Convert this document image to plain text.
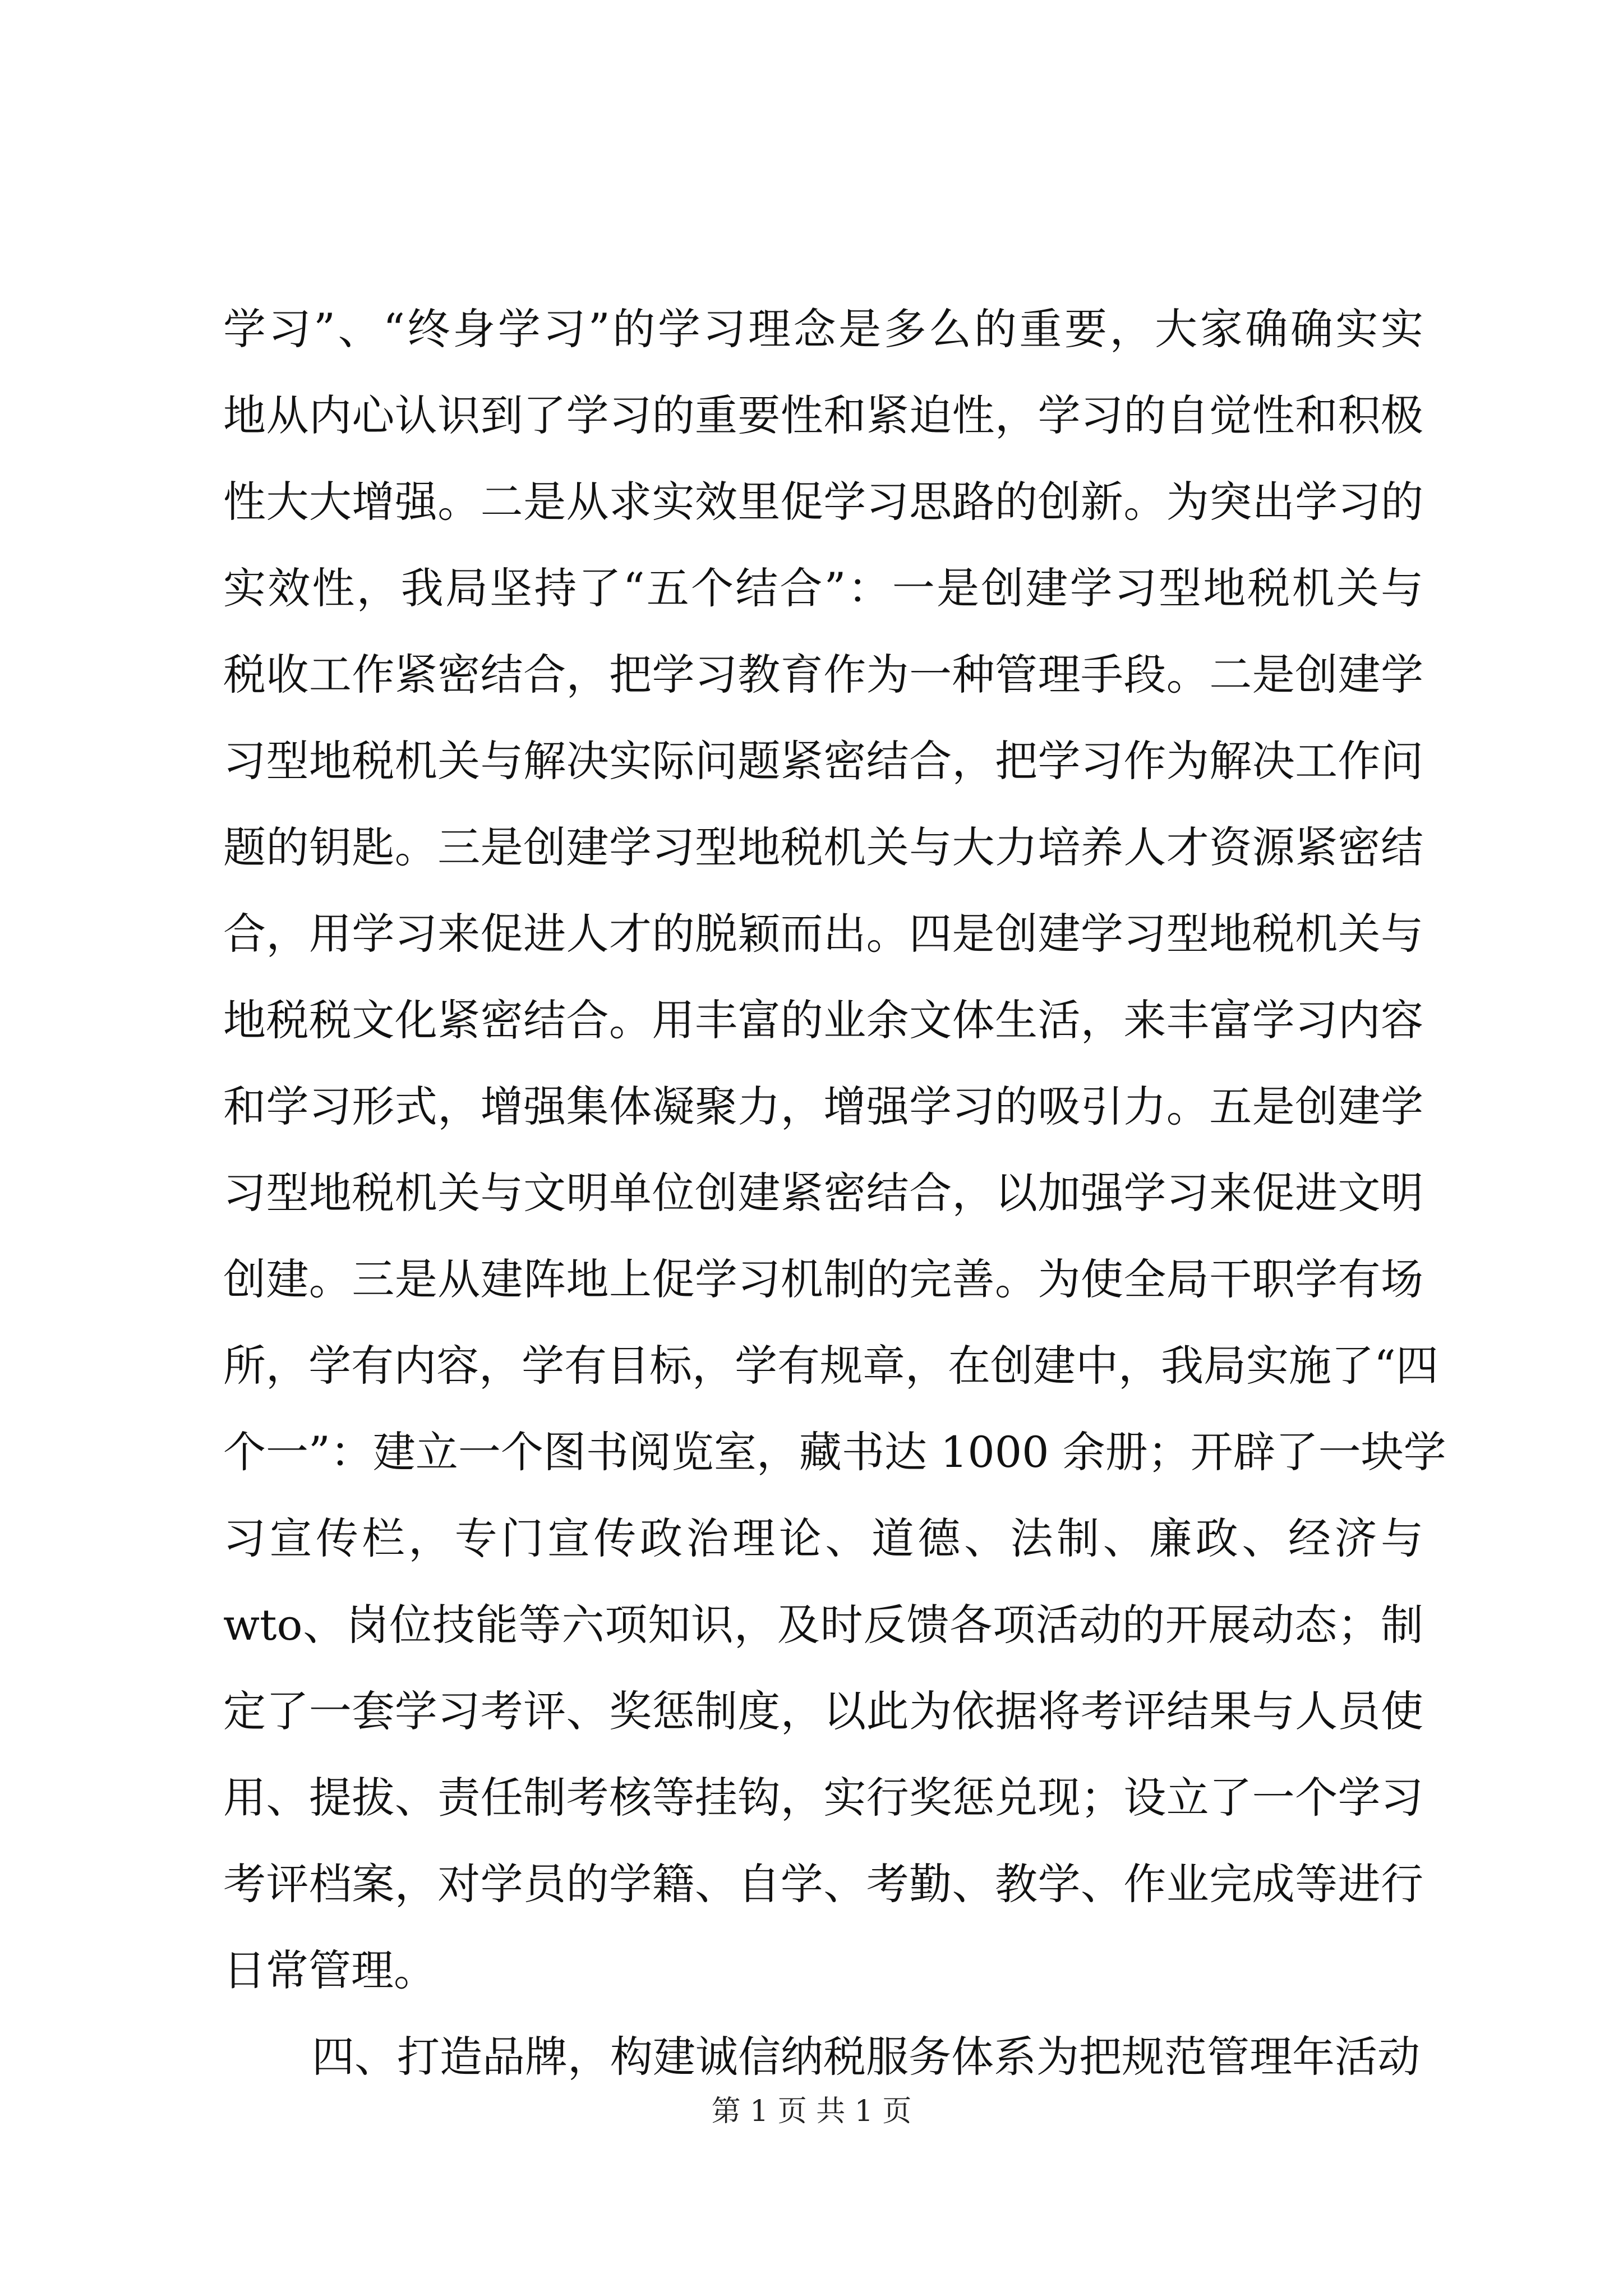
学习”、“终身学习”的学习理念是多么的重要，大家确确实实
地从内心认识到了学习的重要性和紧迫性，学习的自觉性和积极
性大大增强。二是从求实效里促学习思路的创新。为突出学习的
实效性，我局坚持了“五个结合”：一是创建学习型地税机关与
税收工作紧密结合，把学习教育作为一种管理手段。二是创建学
习型地税机关与解决实际问题紧密结合，把学习作为解决工作问
题的钥匙。三是创建学习型地税机关与大力培养人才资源紧密结
合，用学习来促进人才的脱颖而出。四是创建学习型地税机关与
地税税文化紧密结合。用丰富的业余文体生活，来丰富学习内容
和学习形式，增强集体凝聚力，增强学习的吸引力。五是创建学
习型地税机关与文明单位创建紧密结合，以加强学习来促进文明
创建。三是从建阵地上促学习机制的完善。为使全局干职学有场
所，学有内容，学有目标，学有规章，在创建中，我局实施了“四
个一”：建立一个图书阅览室，藏书达 1000 余册；开辟了一块学
习宣传栏，专门宣传政治理论、道德、法制、廉政、经济与
wto、岗位技能等六项知识，及时反馈各项活动的开展动态；制
定了一套学习考评、奖惩制度，以此为依据将考评结果与人员使
用、提拔、责任制考核等挂钩，实行奖惩兑现；设立了一个学习
考评档案，对学员的学籍、自学、考勤、教学、作业完成等进行
日常管理。
四、打造品牌，构建诚信纳税服务体系为把规范管理年活动
第 1 页 共 1 页
